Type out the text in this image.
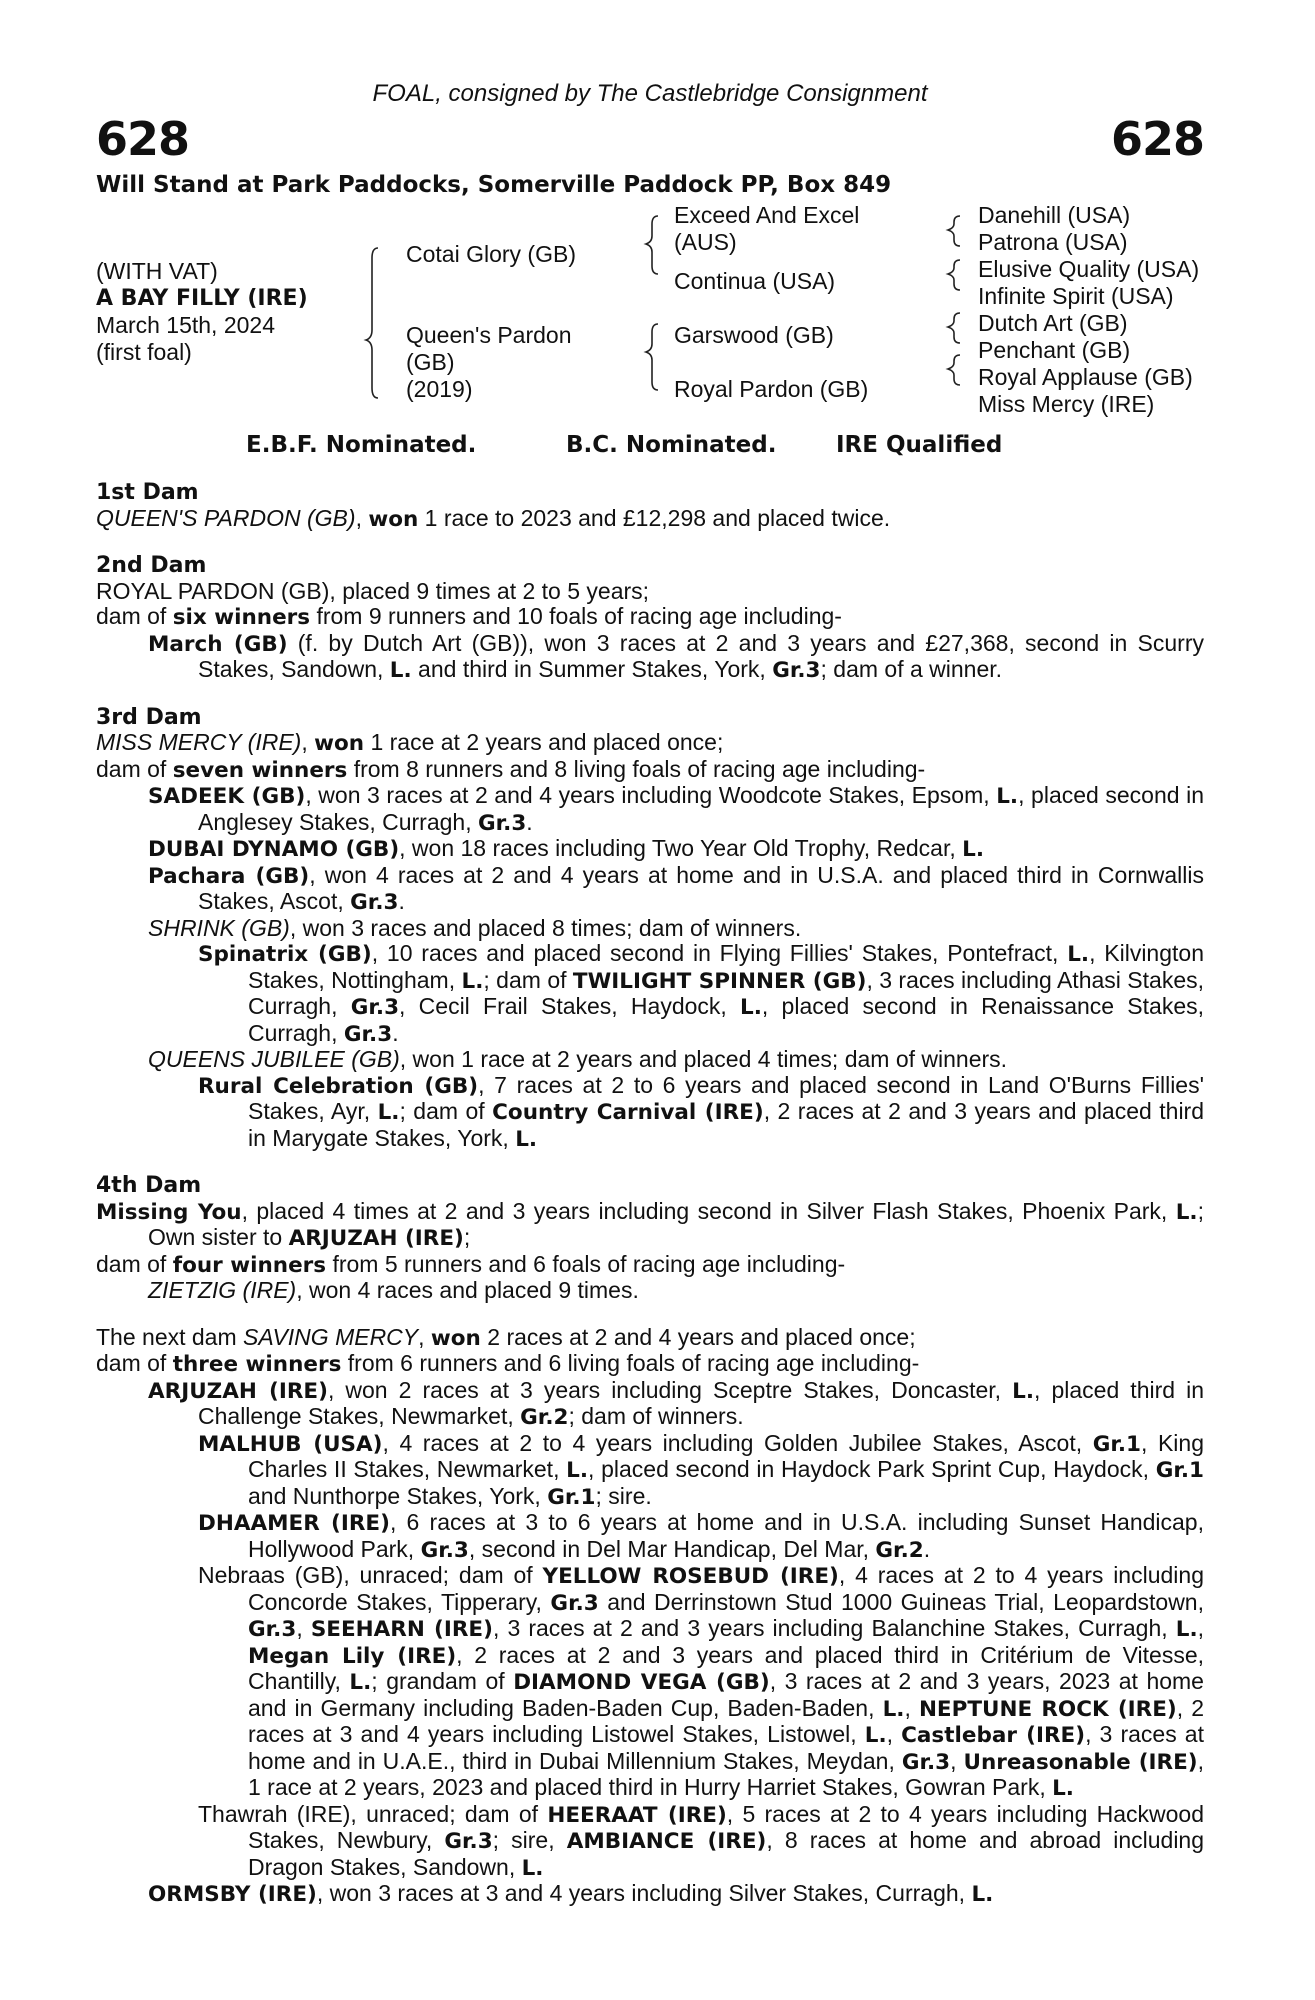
FOAL, consigned by The Castlebridge Consignment
628	628
Will Stand at Park Paddocks, Somerville Paddock PP, Box 849
(WITH VAT)
A BAY FILLY (IRE)
March 15th, 2024
(first foal)
Cotai Glory (GB)
Queen's Pardon
(GB)
(2019)
Exceed And Excel
(AUS)
Continua (USA)
Garswood (GB)
Royal Pardon (GB)
Danehill (USA)
Patrona (USA)
Elusive Quality (USA)
Infinite Spirit (USA)
Dutch Art (GB)
Penchant (GB)
Royal Applause (GB)
Miss Mercy (IRE)
E.B.F. Nominated.	B.C. Nominated.	IRE Qualified
1st Dam
QUEEN'S PARDON (GB), won 1 race to 2023 and £12,298 and placed twice.
2nd Dam
ROYAL PARDON (GB), placed 9 times at 2 to 5 years;
dam of six winners from 9 runners and 10 foals of racing age including-
March (GB) (f. by Dutch Art (GB)), won 3 races at 2 and 3 years and £27,368, second in Scurry Stakes, Sandown, L. and third in Summer Stakes, York, Gr.3; dam of a winner.
3rd Dam
MISS MERCY (IRE), won 1 race at 2 years and placed once;
dam of seven winners from 8 runners and 8 living foals of racing age including-
SADEEK (GB), won 3 races at 2 and 4 years including Woodcote Stakes, Epsom, L., placed second in Anglesey Stakes, Curragh, Gr.3.
DUBAI DYNAMO (GB), won 18 races including Two Year Old Trophy, Redcar, L.
Pachara (GB), won 4 races at 2 and 4 years at home and in U.S.A. and placed third in Cornwallis Stakes, Ascot, Gr.3.
SHRINK (GB), won 3 races and placed 8 times; dam of winners.
Spinatrix (GB), 10 races and placed second in Flying Fillies' Stakes, Pontefract, L., Kilvington Stakes, Nottingham, L.; dam of TWILIGHT SPINNER (GB), 3 races including Athasi Stakes, Curragh, Gr.3, Cecil Frail Stakes, Haydock, L., placed second in Renaissance Stakes, Curragh, Gr.3.
QUEENS JUBILEE (GB), won 1 race at 2 years and placed 4 times; dam of winners.
Rural Celebration (GB), 7 races at 2 to 6 years and placed second in Land O'Burns Fillies' Stakes, Ayr, L.; dam of Country Carnival (IRE), 2 races at 2 and 3 years and placed third in Marygate Stakes, York, L.
4th Dam
Missing You, placed 4 times at 2 and 3 years including second in Silver Flash Stakes, Phoenix Park, L.; Own sister to ARJUZAH (IRE);
dam of four winners from 5 runners and 6 foals of racing age including-
ZIETZIG (IRE), won 4 races and placed 9 times.
The next dam SAVING MERCY, won 2 races at 2 and 4 years and placed once;
dam of three winners from 6 runners and 6 living foals of racing age including-
ARJUZAH (IRE), won 2 races at 3 years including Sceptre Stakes, Doncaster, L., placed third in Challenge Stakes, Newmarket, Gr.2; dam of winners.
MALHUB (USA), 4 races at 2 to 4 years including Golden Jubilee Stakes, Ascot, Gr.1, King Charles II Stakes, Newmarket, L., placed second in Haydock Park Sprint Cup, Haydock, Gr.1 and Nunthorpe Stakes, York, Gr.1; sire.
DHAAMER (IRE), 6 races at 3 to 6 years at home and in U.S.A. including Sunset Handicap, Hollywood Park, Gr.3, second in Del Mar Handicap, Del Mar, Gr.2.
Nebraas (GB), unraced; dam of YELLOW ROSEBUD (IRE), 4 races at 2 to 4 years including Concorde Stakes, Tipperary, Gr.3 and Derrinstown Stud 1000 Guineas Trial, Leopardstown, Gr.3, SEEHARN (IRE), 3 races at 2 and 3 years including Balanchine Stakes, Curragh, L., Megan Lily (IRE), 2 races at 2 and 3 years and placed third in Critérium de Vitesse, Chantilly, L.; grandam of DIAMOND VEGA (GB), 3 races at 2 and 3 years, 2023 at home and in Germany including Baden-Baden Cup, Baden-Baden, L., NEPTUNE ROCK (IRE), 2 races at 3 and 4 years including Listowel Stakes, Listowel, L., Castlebar (IRE), 3 races at home and in U.A.E., third in Dubai Millennium Stakes, Meydan, Gr.3, Unreasonable (IRE), 1 race at 2 years, 2023 and placed third in Hurry Harriet Stakes, Gowran Park, L.
Thawrah (IRE), unraced; dam of HEERAAT (IRE), 5 races at 2 to 4 years including Hackwood Stakes, Newbury, Gr.3; sire, AMBIANCE (IRE), 8 races at home and abroad including Dragon Stakes, Sandown, L.
ORMSBY (IRE), won 3 races at 3 and 4 years including Silver Stakes, Curragh, L.
